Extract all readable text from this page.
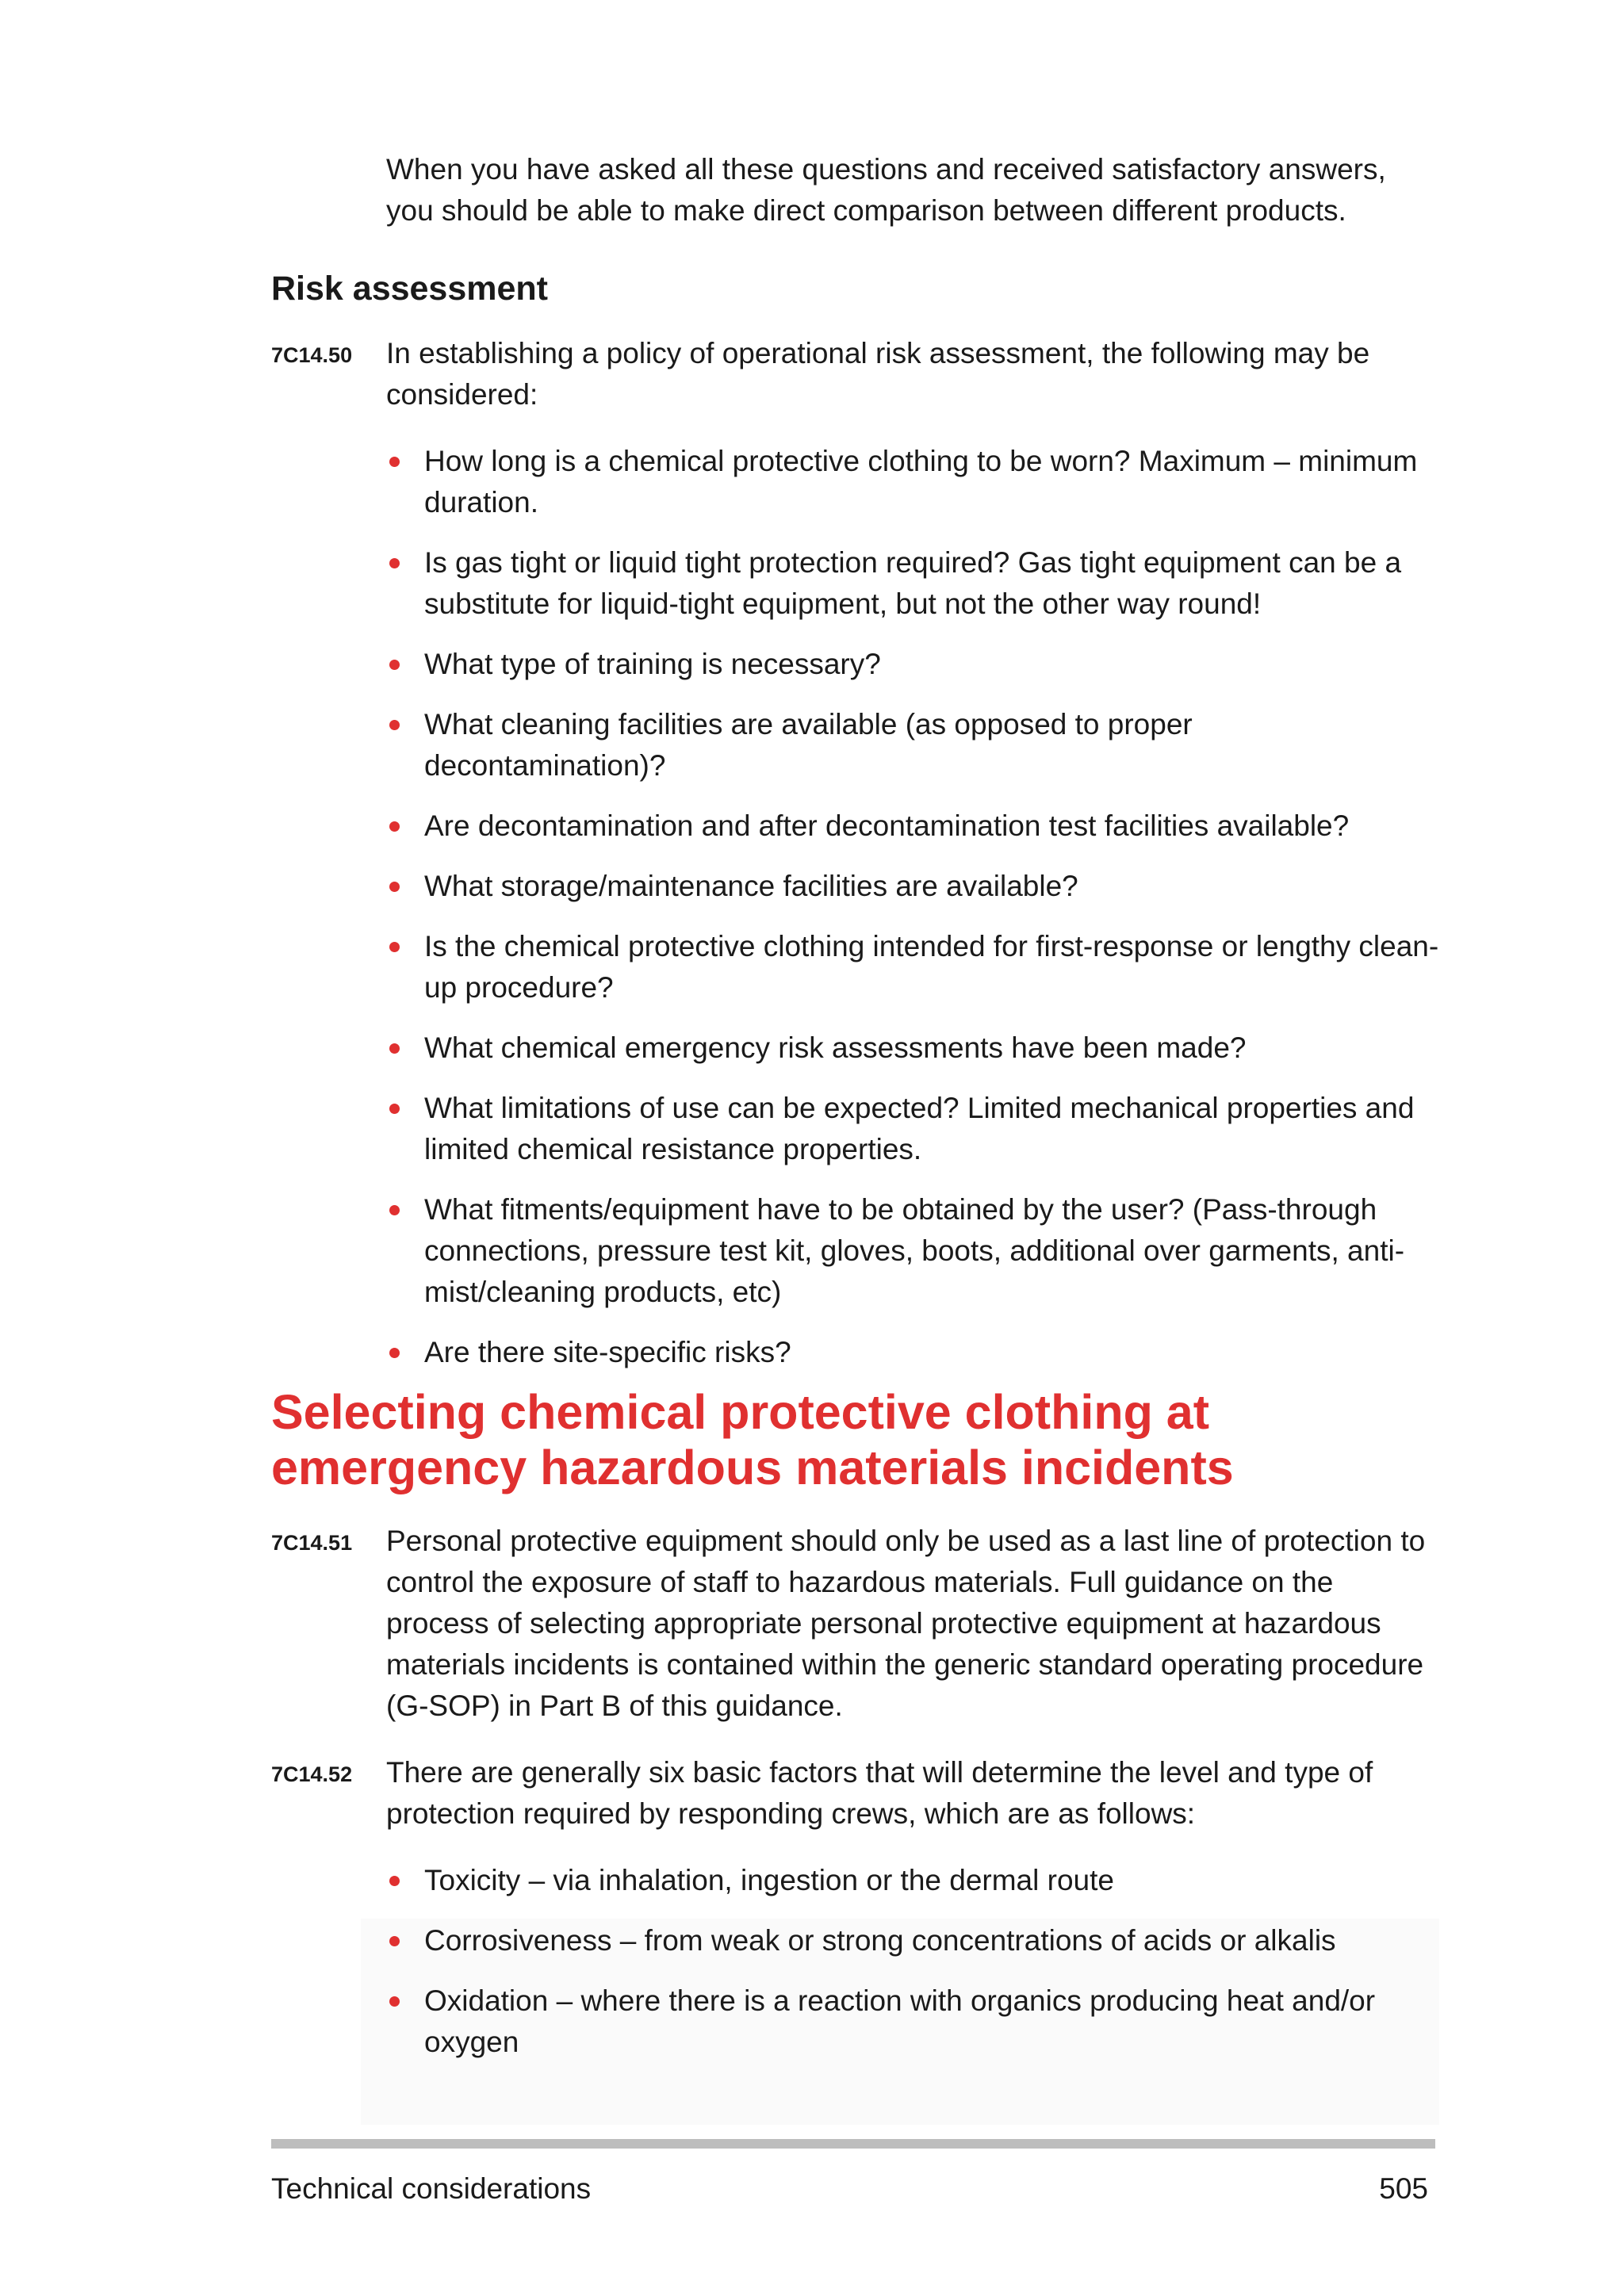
When you have asked all these questions and received satisfactory answers, you should be able to make direct comparison between different products.

Risk assessment
7C14.50 In establishing a policy of operational risk assessment, the following may be considered:

How long is a chemical protective clothing to be worn? Maximum – minimum duration.
Is gas tight or liquid tight protection required? Gas tight equipment can be a substitute for liquid-tight equipment, but not the other way round!
What type of training is necessary?
What cleaning facilities are available (as opposed to proper decontamination)?
Are decontamination and after decontamination test facilities available?
What storage/maintenance facilities are available?
Is the chemical protective clothing intended for first-response or lengthy clean-up procedure?
What chemical emergency risk assessments have been made?
What limitations of use can be expected? Limited mechanical properties and limited chemical resistance properties.
What fitments/equipment have to be obtained by the user? (Pass-through connections, pressure test kit, gloves, boots, additional over garments, anti-mist/cleaning products, etc)
Are there site-specific risks?
Selecting chemical protective clothing at emergency hazardous materials incidents
7C14.51 Personal protective equipment should only be used as a last line of protection to control the exposure of staff to hazardous materials. Full guidance on the process of selecting appropriate personal protective equipment at hazardous materials incidents is contained within the generic standard operating procedure (G-SOP) in Part B of this guidance.

7C14.52 There are generally six basic factors that will determine the level and type of protection required by responding crews, which are as follows:

Toxicity – via inhalation, ingestion or the dermal route
Corrosiveness – from weak or strong concentrations of acids or alkalis
Oxidation – where there is a reaction with organics producing heat and/or oxygen
Technical considerations	505
